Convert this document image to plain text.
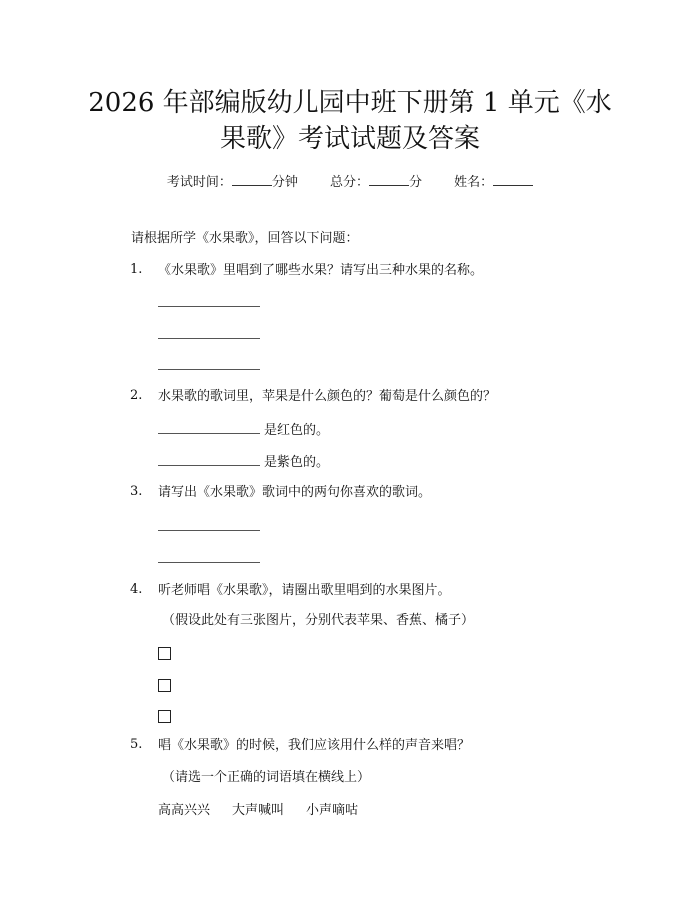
2026 年部编版幼儿园中班下册第 1 单元《水
果歌》考试试题及答案
考试时间：	分钟 总分：	分 姓名：
请根据所学《水果歌》，回答以下问题：
1. 《水果歌》里唱到了哪些水果？请写出三种水果的名称。
2. 水果歌的歌词里，苹果是什么颜色的？葡萄是什么颜色的？
是红色的。
是紫色的。
3. 请写出《水果歌》歌词中的两句你喜欢的歌词。
4. 听老师唱《水果歌》，请圈出歌里唱到的水果图片。
（假设此处有三张图片，分别代表苹果、香蕉、橘子）
5. 唱《水果歌》的时候，我们应该用什么样的声音来唱？
（请选一个正确的词语填在横线上）
高高兴兴 大声喊叫 小声嘀咕
